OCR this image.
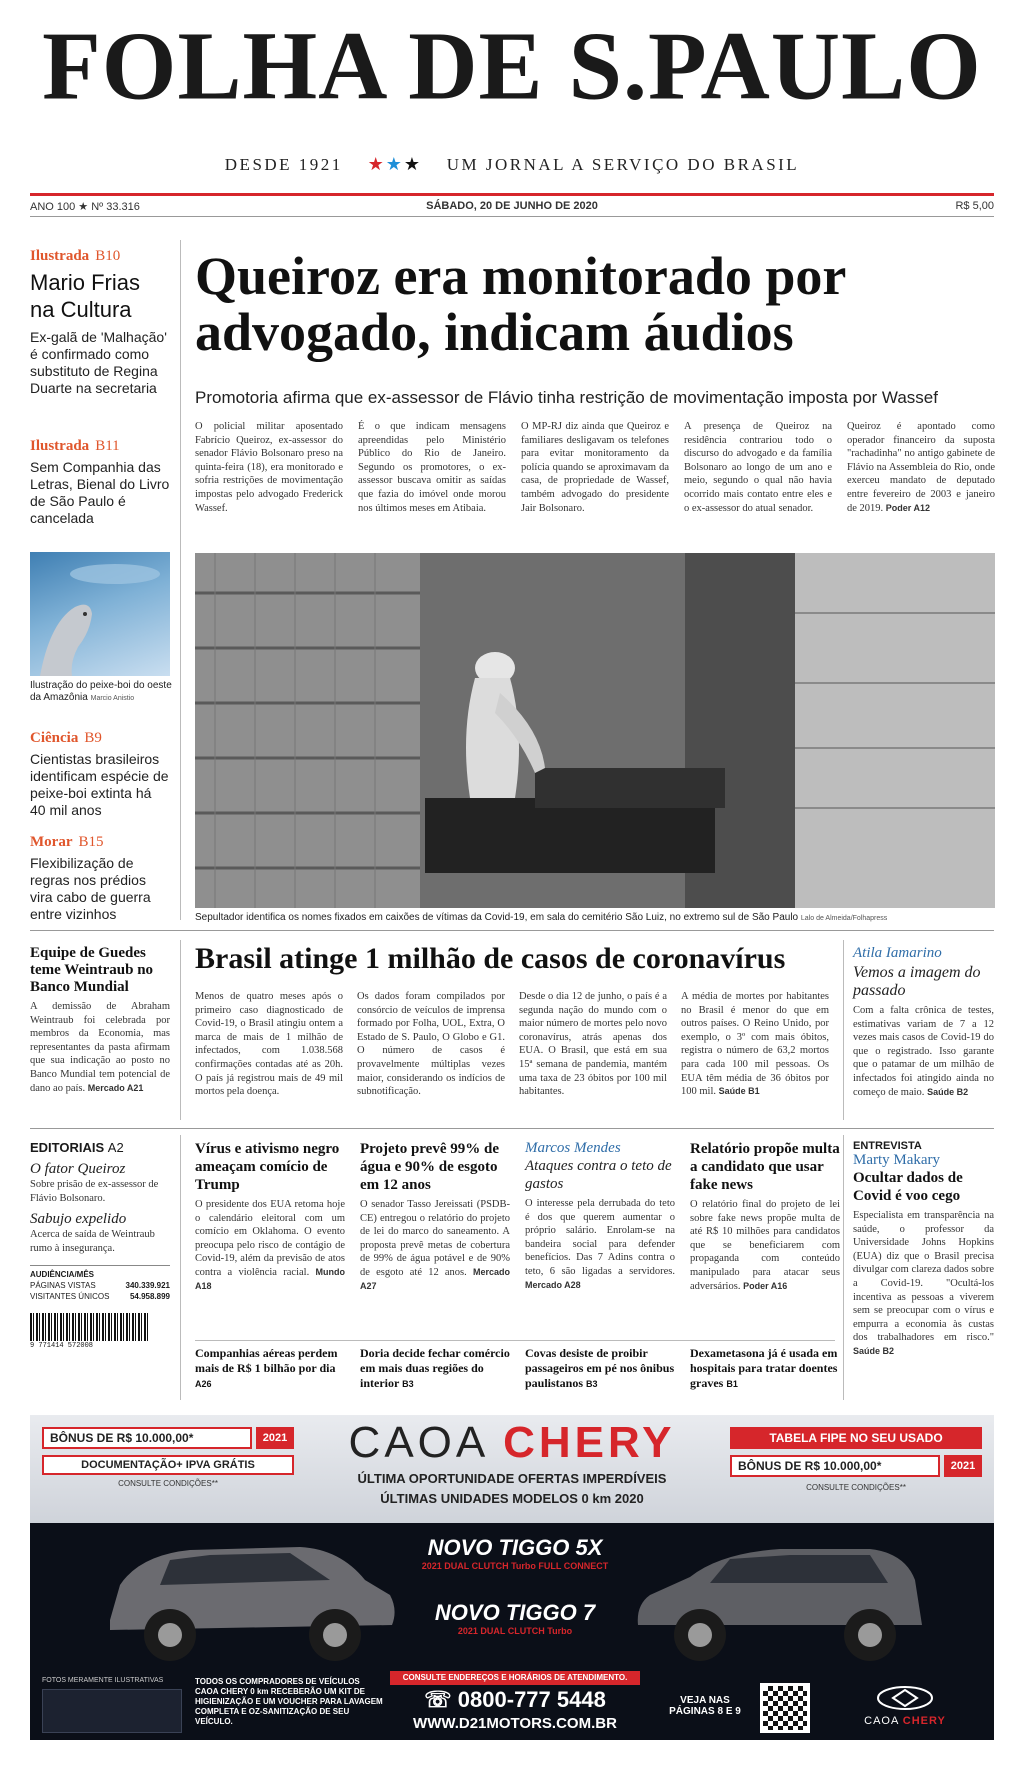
FOLHA DE S.PAULO
DESDE 1921 ★★★ UM JORNAL A SERVIÇO DO BRASIL
ANO 100 ★ Nº 33.316	SÁBADO, 20 DE JUNHO DE 2020	R$ 5,00
Ilustrada B10
Mario Frias na Cultura
Ex-galã de 'Malhação' é confirmado como substituto de Regina Duarte na secretaria
Ilustrada B11
Sem Companhia das Letras, Bienal do Livro de São Paulo é cancelada
Ilustração do peixe-boi do oeste da Amazônia Marcio Anistio
Ciência B9
Cientistas brasileiros identificam espécie de peixe-boi extinta há 40 mil anos
Morar B15
Flexibilização de regras nos prédios vira cabo de guerra entre vizinhos
Queiroz era monitorado por advogado, indicam áudios
Promotoria afirma que ex-assessor de Flávio tinha restrição de movimentação imposta por Wassef
O policial militar aposentado Fabrício Queiroz, ex-assessor do senador Flávio Bolsonaro preso na quinta-feira (18), era monitorado e sofria restrições de movimentação impostas pelo advogado Frederick Wassef.
É o que indicam mensagens apreendidas pelo Ministério Público do Rio de Janeiro. Segundo os promotores, o ex-assessor buscava omitir as saídas que fazia do imóvel onde morou nos últimos meses em Atibaia.
O MP-RJ diz ainda que Queiroz e familiares desligavam os telefones para evitar monitoramento da polícia quando se aproximavam da casa, de propriedade de Wassef, também advogado do presidente Jair Bolsonaro.
A presença de Queiroz na residência contrariou todo o discurso do advogado e da família Bolsonaro ao longo de um ano e meio, segundo o qual não havia ocorrido mais contato entre eles e o ex-assessor do atual senador.
Queiroz é apontado como operador financeiro da suposta "rachadinha" no antigo gabinete de Flávio na Assembleia do Rio, onde exerceu mandato de deputado entre fevereiro de 2003 e janeiro de 2019. Poder A12
Sepultador identifica os nomes fixados em caixões de vítimas da Covid-19, em sala do cemitério São Luiz, no extremo sul de São Paulo Lalo de Almeida/Folhapress
Equipe de Guedes teme Weintraub no Banco Mundial
A demissão de Abraham Weintraub foi celebrada por membros da Economia, mas representantes da pasta afirmam que sua indicação ao posto no Banco Mundial tem potencial de dano ao país. Mercado A21
Brasil atinge 1 milhão de casos de coronavírus
Menos de quatro meses após o primeiro caso diagnosticado de Covid-19, o Brasil atingiu ontem a marca de mais de 1 milhão de infectados, com 1.038.568 confirmações contadas até as 20h. O país já registrou mais de 49 mil mortos pela doença.
Os dados foram compilados por consórcio de veículos de imprensa formado por Folha, UOL, Extra, O Estado de S. Paulo, O Globo e G1. O número de casos é provavelmente múltiplas vezes maior, considerando os indícios de subnotificação.
Desde o dia 12 de junho, o país é a segunda nação do mundo com o maior número de mortes pelo novo coronavírus, atrás apenas dos EUA. O Brasil, que está em sua 15ª semana de pandemia, mantém uma taxa de 23 óbitos por 100 mil habitantes.
A média de mortes por habitantes no Brasil é menor do que em outros países. O Reino Unido, por exemplo, o 3º com mais óbitos, registra o número de 63,2 mortos para cada 100 mil pessoas. Os EUA têm média de 36 óbitos por 100 mil. Saúde B1
Atila Iamarino
Vemos a imagem do passado
Com a falta crônica de testes, estimativas variam de 7 a 12 vezes mais casos de Covid-19 do que o registrado. Isso garante que o patamar de um milhão de infectados foi atingido ainda no começo de maio. Saúde B2
EDITORIAIS A2
O fator Queiroz
Sobre prisão de ex-assessor de Flávio Bolsonaro.
Sabujo expelido
Acerca de saída de Weintraub rumo à insegurança.
AUDIÊNCIA/MÊS
PÁGINAS VISTAS	340.339.921
VISITANTES ÚNICOS	54.958.899
9 771414 572008
Vírus e ativismo negro ameaçam comício de Trump
O presidente dos EUA retoma hoje o calendário eleitoral com um comício em Oklahoma. O evento preocupa pelo risco de contágio de Covid-19, além da previsão de atos contra a violência racial. Mundo A18
Projeto prevê 99% de água e 90% de esgoto em 12 anos
O senador Tasso Jereissati (PSDB-CE) entregou o relatório do projeto de lei do marco do saneamento. A proposta prevê metas de cobertura de 99% de água potável e de 90% de esgoto até 12 anos. Mercado A27
Marcos Mendes
Ataques contra o teto de gastos
O interesse pela derrubada do teto é dos que querem aumentar o próprio salário. Enrolam-se na bandeira social para defender benefícios. Das 7 Adins contra o teto, 6 são ligadas a servidores. Mercado A28
Relatório propõe multa a candidato que usar fake news
O relatório final do projeto de lei sobre fake news propõe multa de até R$ 10 milhões para candidatos que se beneficiarem com propaganda com conteúdo manipulado para atacar seus adversários. Poder A16
ENTREVISTA
Marty Makary
Ocultar dados de Covid é voo cego
Especialista em transparência na saúde, o professor da Universidade Johns Hopkins (EUA) diz que o Brasil precisa divulgar com clareza dados sobre a Covid-19. "Ocultá-los incentiva as pessoas a viverem sem se preocupar com o vírus e empurra a economia às custas dos trabalhadores em risco." Saúde B2
Companhias aéreas perdem mais de R$ 1 bilhão por dia A26
Doria decide fechar comércio em mais duas regiões do interior B3
Covas desiste de proibir passageiros em pé nos ônibus paulistanos B3
Dexametasona já é usada em hospitais para tratar doentes graves B1
BÔNUS DE R$ 10.000,00*	2021
DOCUMENTAÇÃO+ IPVA GRÁTIS
CONSULTE CONDIÇÕES**
CAOA CHERY
ÚLTIMA OPORTUNIDADE OFERTAS IMPERDÍVEIS
ÚLTIMAS UNIDADES MODELOS 0 km 2020
TABELA FIPE NO SEU USADO
BÔNUS DE R$ 10.000,00*	2021
CONSULTE CONDIÇÕES**
NOVO TIGGO 5X
2021 DUAL CLUTCH Turbo FULL CONNECT
NOVO TIGGO 7
2021 DUAL CLUTCH Turbo
FOTOS MERAMENTE ILUSTRATIVAS	TODOS OS COMPRADORES DE VEÍCULOS CAOA CHERY 0 km RECEBERÃO UM KIT DE HIGIENIZAÇÃO E UM VOUCHER PARA LAVAGEM COMPLETA E OZ-SANITIZAÇÃO DE SEU VEÍCULO.
CONSULTE ENDEREÇOS E HORÁRIOS DE ATENDIMENTO.
☏ 0800-777 5448
WWW.D21MOTORS.COM.BR
VEJA NAS PÁGINAS 8 E 9
CAOA CHERY
